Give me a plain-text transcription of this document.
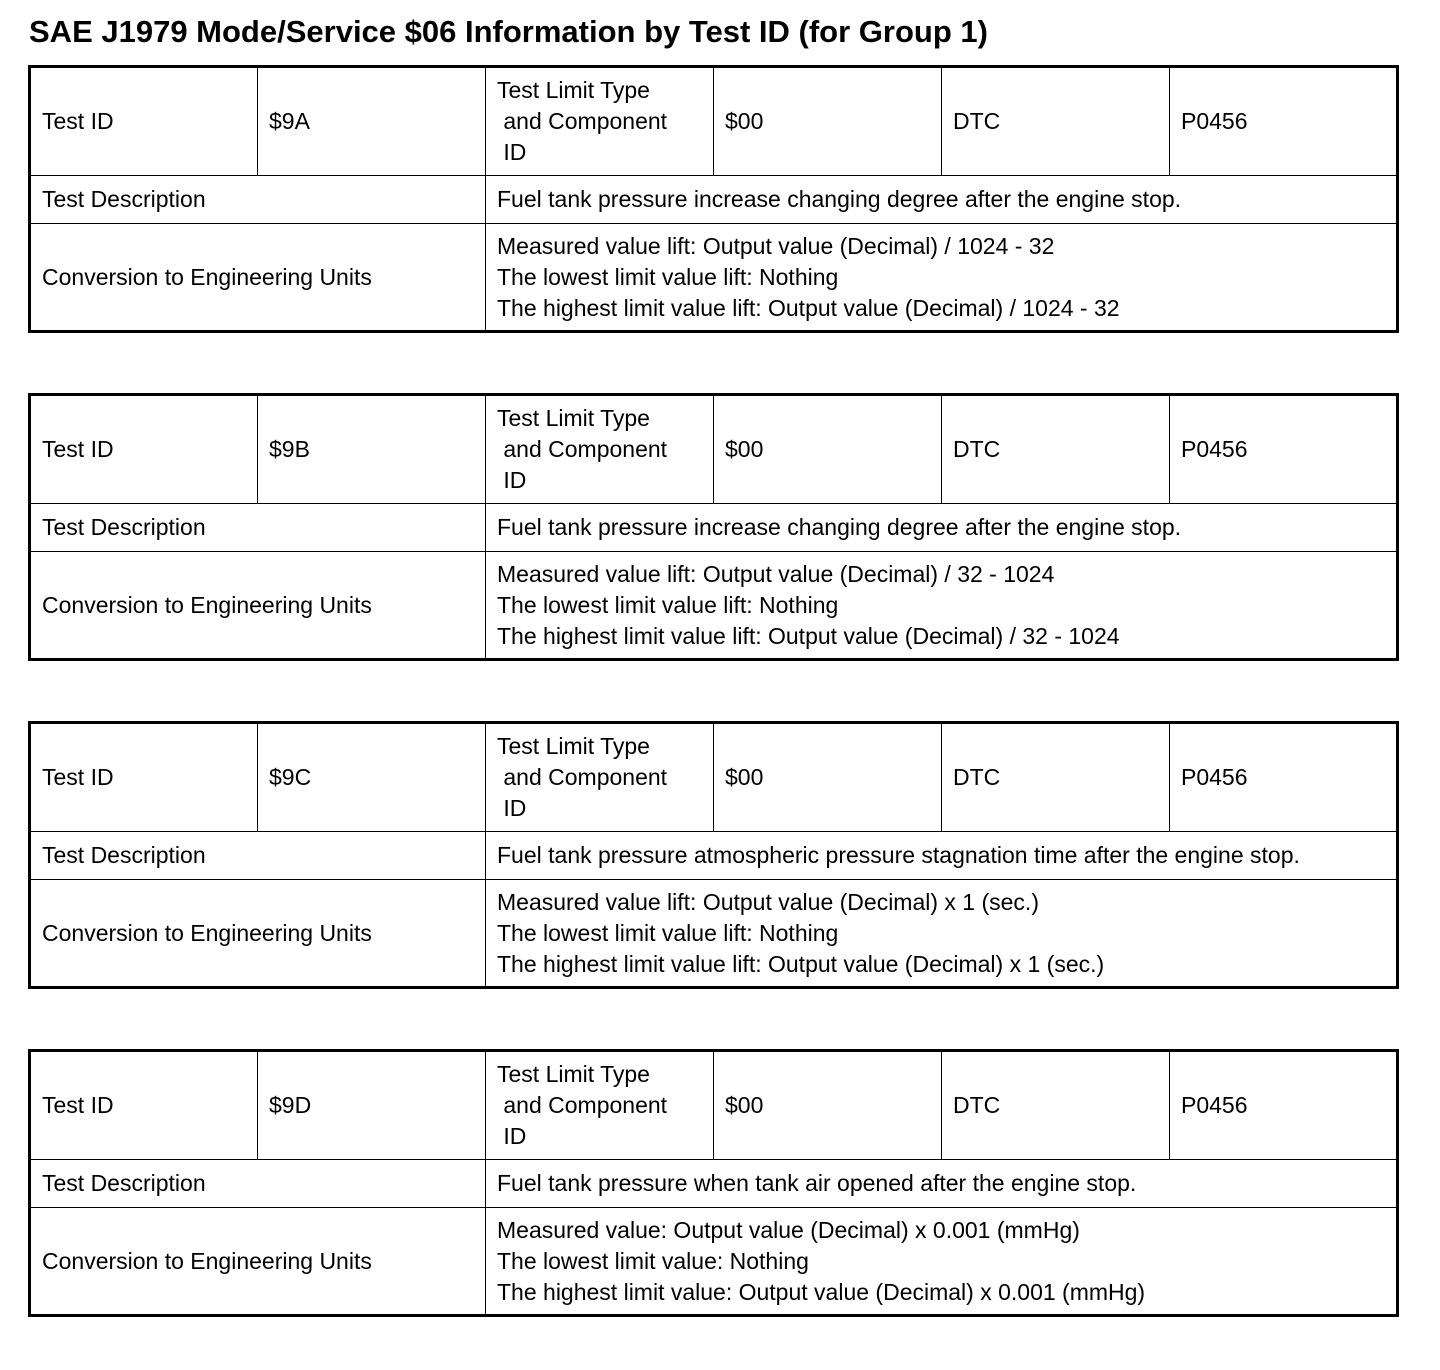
SAE J1979 Mode/Service $06 Information by Test ID (for Group 1)
Test ID	$9A	Test Limit Type
and Component
ID	$00	DTC	P0456
Test Description		Fuel tank pressure increase changing degree after the engine stop.			
Conversion to Engineering Units		Measured value lift: Output value (Decimal) / 1024 - 32
The lowest limit value lift: Nothing
The highest limit value lift: Output value (Decimal) / 1024 - 32			
Test ID	$9B	Test Limit Type
and Component
ID	$00	DTC	P0456
Test Description		Fuel tank pressure increase changing degree after the engine stop.			
Conversion to Engineering Units		Measured value lift: Output value (Decimal) / 32 - 1024
The lowest limit value lift: Nothing
The highest limit value lift: Output value (Decimal) / 32 - 1024			
Test ID	$9C	Test Limit Type
and Component
ID	$00	DTC	P0456
Test Description		Fuel tank pressure atmospheric pressure stagnation time after the engine stop.			
Conversion to Engineering Units		Measured value lift: Output value (Decimal) x 1 (sec.)
The lowest limit value lift: Nothing
The highest limit value lift: Output value (Decimal) x 1 (sec.)			
Test ID	$9D	Test Limit Type
and Component
ID	$00	DTC	P0456
Test Description		Fuel tank pressure when tank air opened after the engine stop.			
Conversion to Engineering Units		Measured value: Output value (Decimal) x 0.001 (mmHg)
The lowest limit value: Nothing
The highest limit value: Output value (Decimal) x 0.001 (mmHg)			
